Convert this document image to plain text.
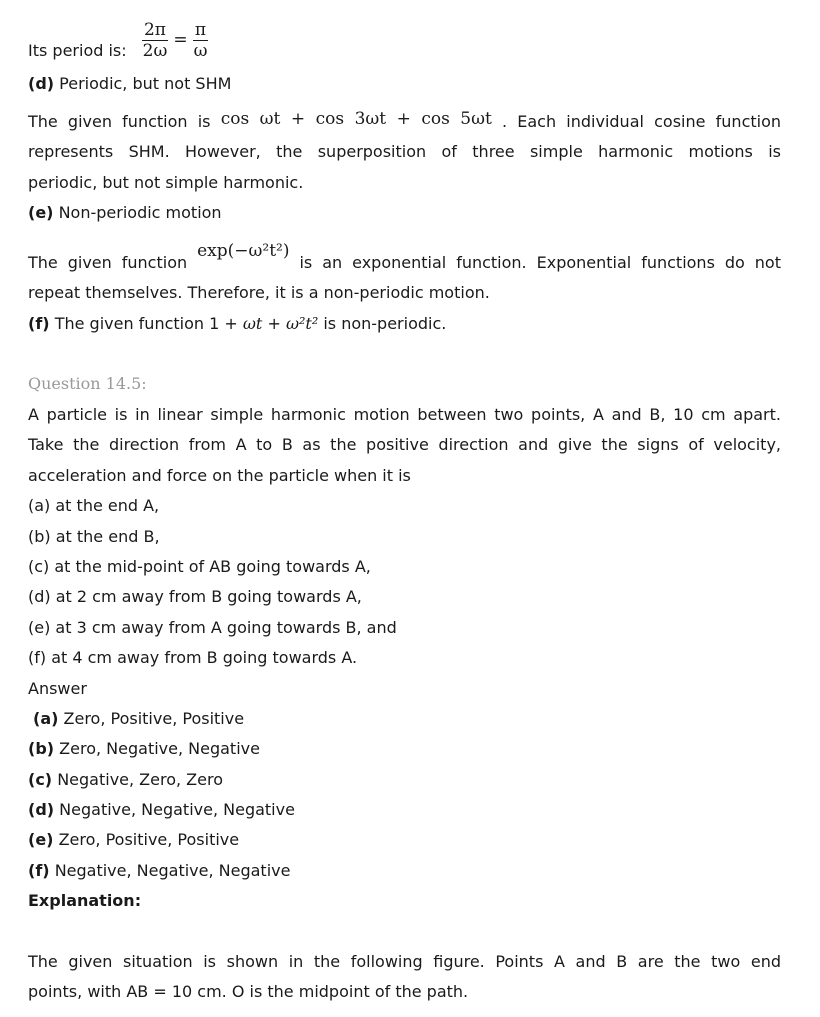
Its period is: $\frac{2\pi}{2\omega} = \frac{\pi}{\omega}$
(d) Periodic, but not SHM
The given function is cos ωt + cos 3ωt + cos 5ωt . Each individual cosine function
represents SHM. However, the superposition of three simple harmonic motions is
periodic, but not simple harmonic.
(e) Non-periodic motion
The given function exp(−ω²t²) is an exponential function. Exponential functions do not
repeat themselves. Therefore, it is a non-periodic motion.
(f) The given function 1 + ωt + ω²t² is non-periodic.
Question 14.5:
A particle is in linear simple harmonic motion between two points, A and B, 10 cm apart.
Take the direction from A to B as the positive direction and give the signs of velocity,
acceleration and force on the particle when it is
(a) at the end A,
(b) at the end B,
(c) at the mid-point of AB going towards A,
(d) at 2 cm away from B going towards A,
(e) at 3 cm away from A going towards B, and
(f) at 4 cm away from B going towards A.
Answer
(a) Zero, Positive, Positive
(b) Zero, Negative, Negative
(c) Negative, Zero, Zero
(d) Negative, Negative, Negative
(e) Zero, Positive, Positive
(f) Negative, Negative, Negative
Explanation:
The given situation is shown in the following figure. Points A and B are the two end
points, with AB = 10 cm. O is the midpoint of the path.
